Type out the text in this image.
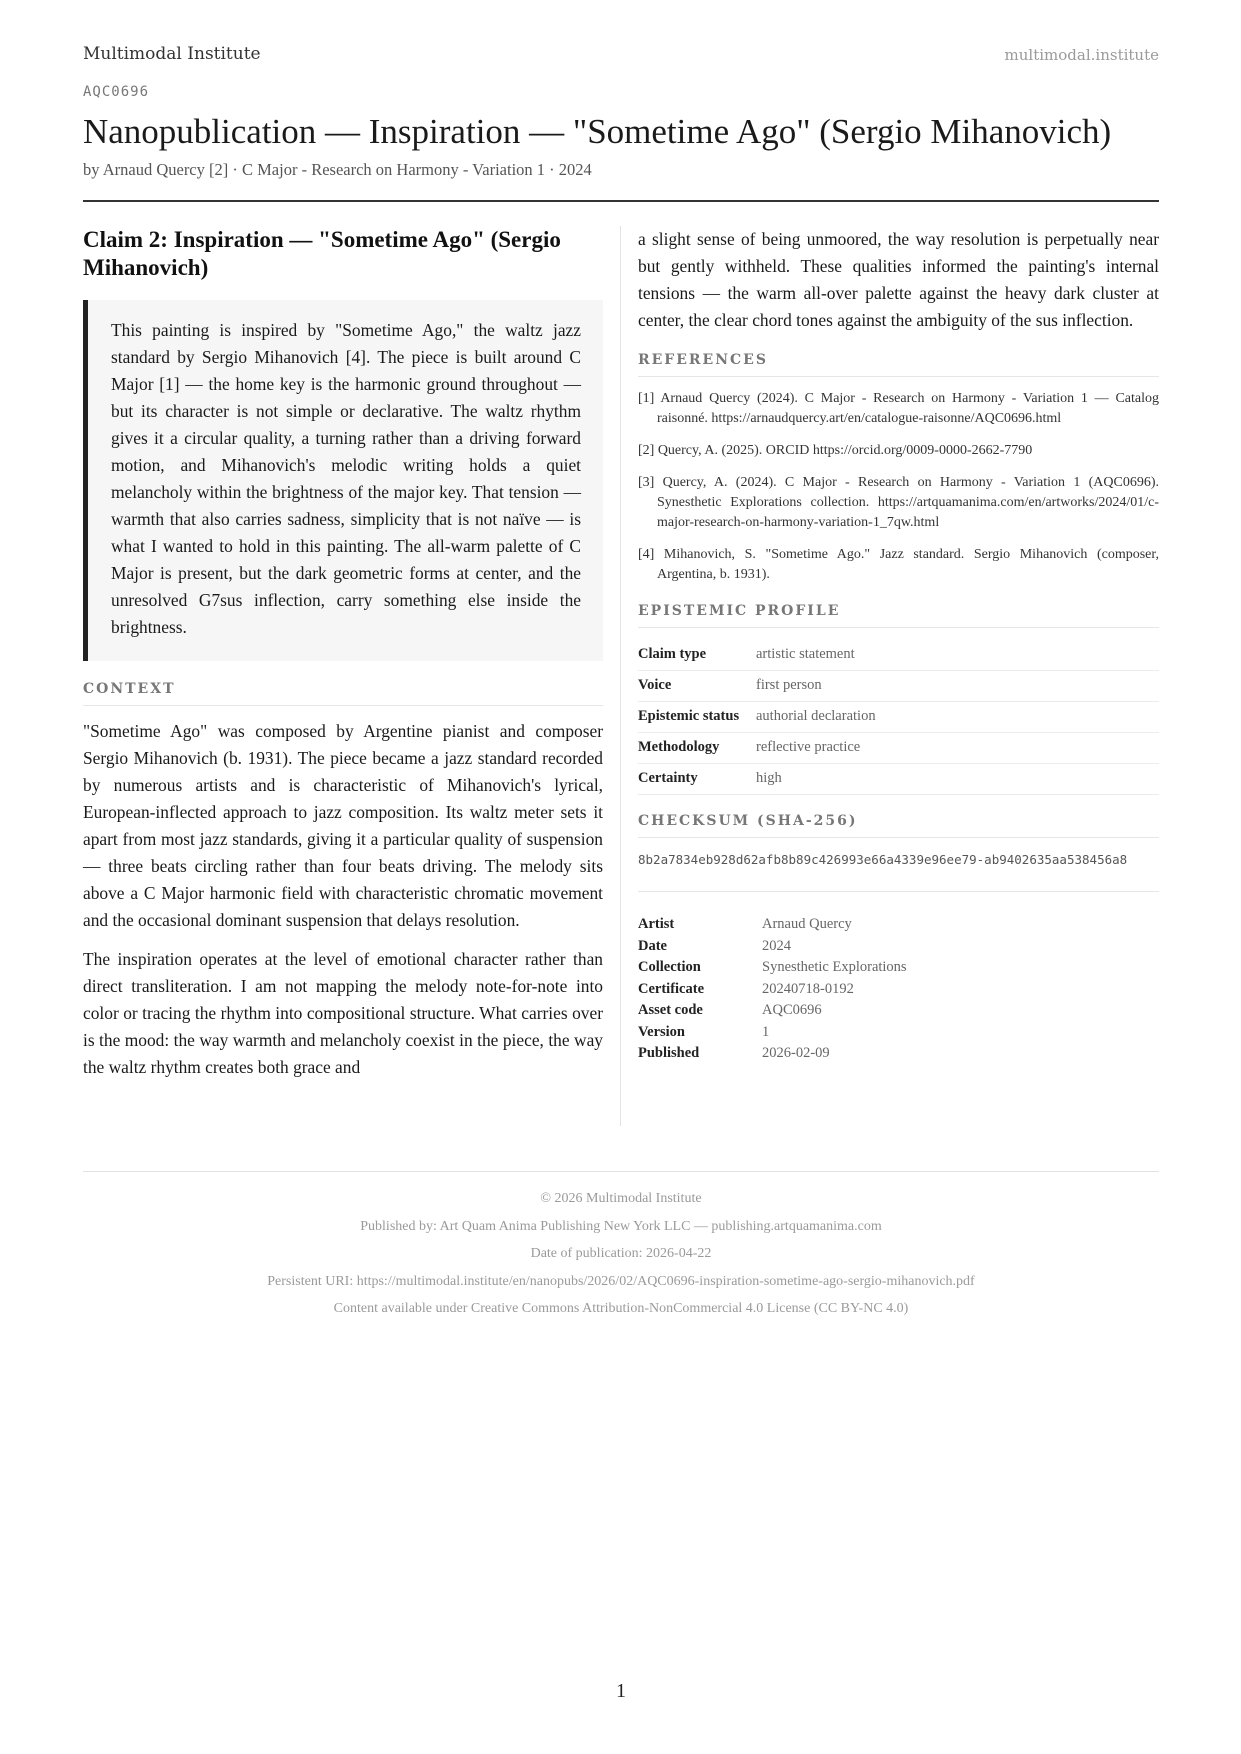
Multimodal Institute	multimodal.institute
AQC0696
Nanopublication — Inspiration — "Sometime Ago" (Sergio Mihanovich)
by Arnaud Quercy [2] · C Major - Research on Harmony - Variation 1 · 2024
Claim 2: Inspiration — "Sometime Ago" (Sergio Mihanovich)
This painting is inspired by "Sometime Ago," the waltz jazz standard by Sergio Mihanovich [4]. The piece is built around C Major [1] — the home key is the harmonic ground throughout — but its character is not simple or declarative. The waltz rhythm gives it a circular quality, a turning rather than a driving forward motion, and Mihanovich's melodic writing holds a quiet melancholy within the brightness of the major key. That tension — warmth that also carries sadness, simplicity that is not naïve — is what I wanted to hold in this painting. The all-warm palette of C Major is present, but the dark geometric forms at center, and the unresolved G7sus inflection, carry something else inside the brightness.
CONTEXT

"Sometime Ago" was composed by Argentine pianist and composer Sergio Mihanovich (b. 1931). The piece became a jazz standard recorded by numerous artists and is characteristic of Mihanovich's lyrical, European-inflected approach to jazz composition. Its waltz meter sets it apart from most jazz standards, giving it a particular quality of suspension — three beats circling rather than four beats driving. The melody sits above a C Major harmonic field with characteristic chromatic movement and the occasional dominant suspension that delays resolution.

The inspiration operates at the level of emotional character rather than direct transliteration. I am not mapping the melody note-for-note into color or tracing the rhythm into compositional structure. What carries over is the mood: the way warmth and melancholy coexist in the piece, the way the waltz rhythm creates both grace and

a slight sense of being unmoored, the way resolution is perpetually near but gently withheld. These qualities informed the painting's internal tensions — the warm all-over palette against the heavy dark cluster at center, the clear chord tones against the ambiguity of the sus inflection.

REFERENCES
[1] Arnaud Quercy (2024). C Major - Research on Harmony - Variation 1 — Catalog raisonné. https://arnaudquercy.art/en/catalogue-raisonne/AQC0696.html
[2] Quercy, A. (2025). ORCID https://orcid.org/0009-0000-2662-7790
[3] Quercy, A. (2024). C Major - Research on Harmony - Variation 1 (AQC0696). Synesthetic Explorations collection. https://artquamanima.com/en/artworks/2024/01/c-major-research-on-harmony-variation-1_7qw.html
[4] Mihanovich, S. "Sometime Ago." Jazz standard. Sergio Mihanovich (composer, Argentina, b. 1931).
EPISTEMIC PROFILE
Claim type	artistic statement
Voice	first person
Epistemic status	authorial declaration
Methodology	reflective practice
Certainty	high
CHECKSUM (SHA-256)
8b2a7834eb928d62afb8b89c426993e66a4339e96ee79-ab9402635aa538456a8
Artist	Arnaud Quercy
Date	2024
Collection	Synesthetic Explorations
Certificate	20240718-0192
Asset code	AQC0696
Version	1
Published	2026-02-09

© 2026 Multimodal Institute

Published by: Art Quam Anima Publishing New York LLC — publishing.artquamanima.com

Date of publication: 2026-04-22

Persistent URI: https://multimodal.institute/en/nanopubs/2026/02/AQC0696-inspiration-sometime-ago-sergio-mihanovich.pdf

Content available under Creative Commons Attribution-NonCommercial 4.0 License (CC BY-NC 4.0)

1
